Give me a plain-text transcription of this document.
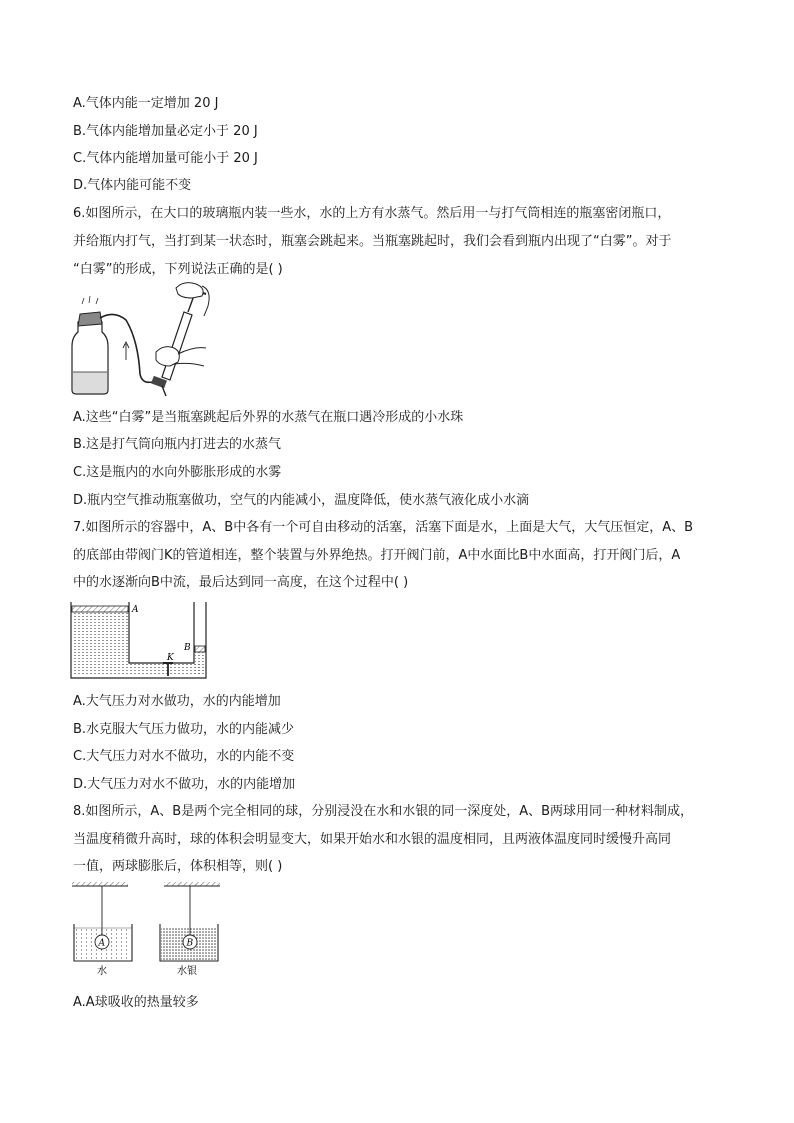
A.气体内能一定增加 20 J
B.气体内能增加量必定小于 20 J
C.气体内能增加量可能小于 20 J
D.气体内能可能不变
6.如图所示，在大口的玻璃瓶内装一些水，水的上方有水蒸气。然后用一与打气筒相连的瓶塞密闭瓶口，
并给瓶内打气，当打到某一状态时，瓶塞会跳起来。当瓶塞跳起时，我们会看到瓶内出现了“白雾”。对于
“白雾”的形成，下列说法正确的是( )
A.这些“白雾”是当瓶塞跳起后外界的水蒸气在瓶口遇冷形成的小水珠
B.这是打气筒向瓶内打进去的水蒸气
C.这是瓶内的水向外膨胀形成的水雾
D.瓶内空气推动瓶塞做功，空气的内能减小，温度降低，使水蒸气液化成小水滴
7.如图所示的容器中，A、B中各有一个可自由移动的活塞，活塞下面是水，上面是大气，大气压恒定，A、B
的底部由带阀门K的管道相连，整个装置与外界绝热。打开阀门前，A中水面比B中水面高，打开阀门后，A
中的水逐渐向B中流，最后达到同一高度，在这个过程中( )
A
B
K
A.大气压力对水做功，水的内能增加
B.水克服大气压力做功，水的内能减少
C.大气压力对水不做功，水的内能不变
D.大气压力对水不做功，水的内能增加
8.如图所示，A、B是两个完全相同的球，分别浸没在水和水银的同一深度处，A、B两球用同一种材料制成，
当温度稍微升高时，球的体积会明显变大，如果开始水和水银的温度相同，且两液体温度同时缓慢升高同
一值，两球膨胀后，体积相等，则( )
A	B
水	水银
A.A球吸收的热量较多
